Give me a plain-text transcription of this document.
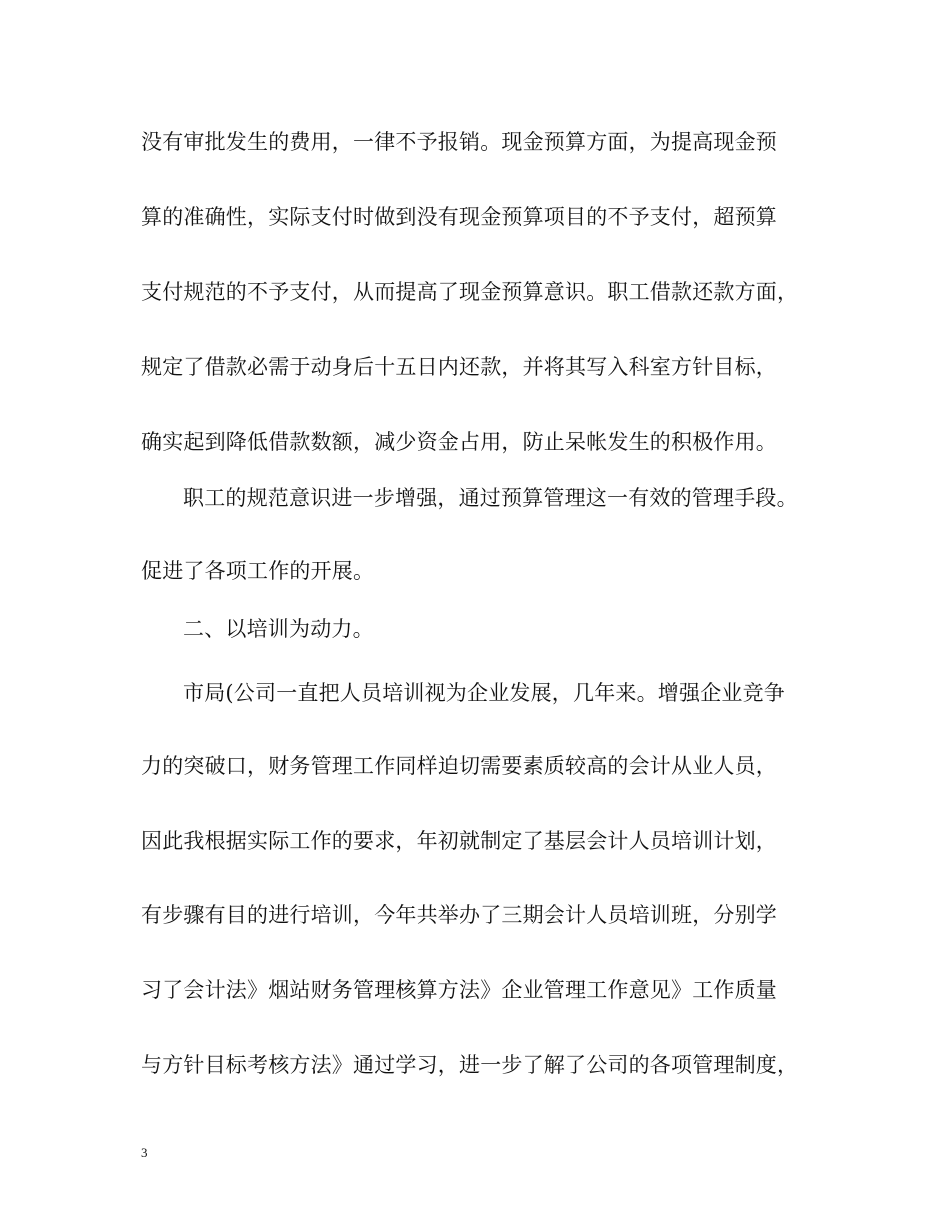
没有审批发生的费用，一律不予报销。现金预算方面，为提高现金预
算的准确性，实际支付时做到没有现金预算项目的不予支付，超预算
支付规范的不予支付，从而提高了现金预算意识。职工借款还款方面，
规定了借款必需于动身后十五日内还款，并将其写入科室方针目标，
确实起到降低借款数额，减少资金占用，防止呆帐发生的积极作用。
职工的规范意识进一步增强，通过预算管理这一有效的管理手段。
促进了各项工作的开展。
二、以培训为动力。
市局(公司一直把人员培训视为企业发展，几年来。增强企业竞争
力的突破口，财务管理工作同样迫切需要素质较高的会计从业人员，
因此我根据实际工作的要求，年初就制定了基层会计人员培训计划，
有步骤有目的进行培训，今年共举办了三期会计人员培训班，分别学
习了会计法》烟站财务管理核算方法》企业管理工作意见》工作质量
与方针目标考核方法》通过学习，进一步了解了公司的各项管理制度，
3
